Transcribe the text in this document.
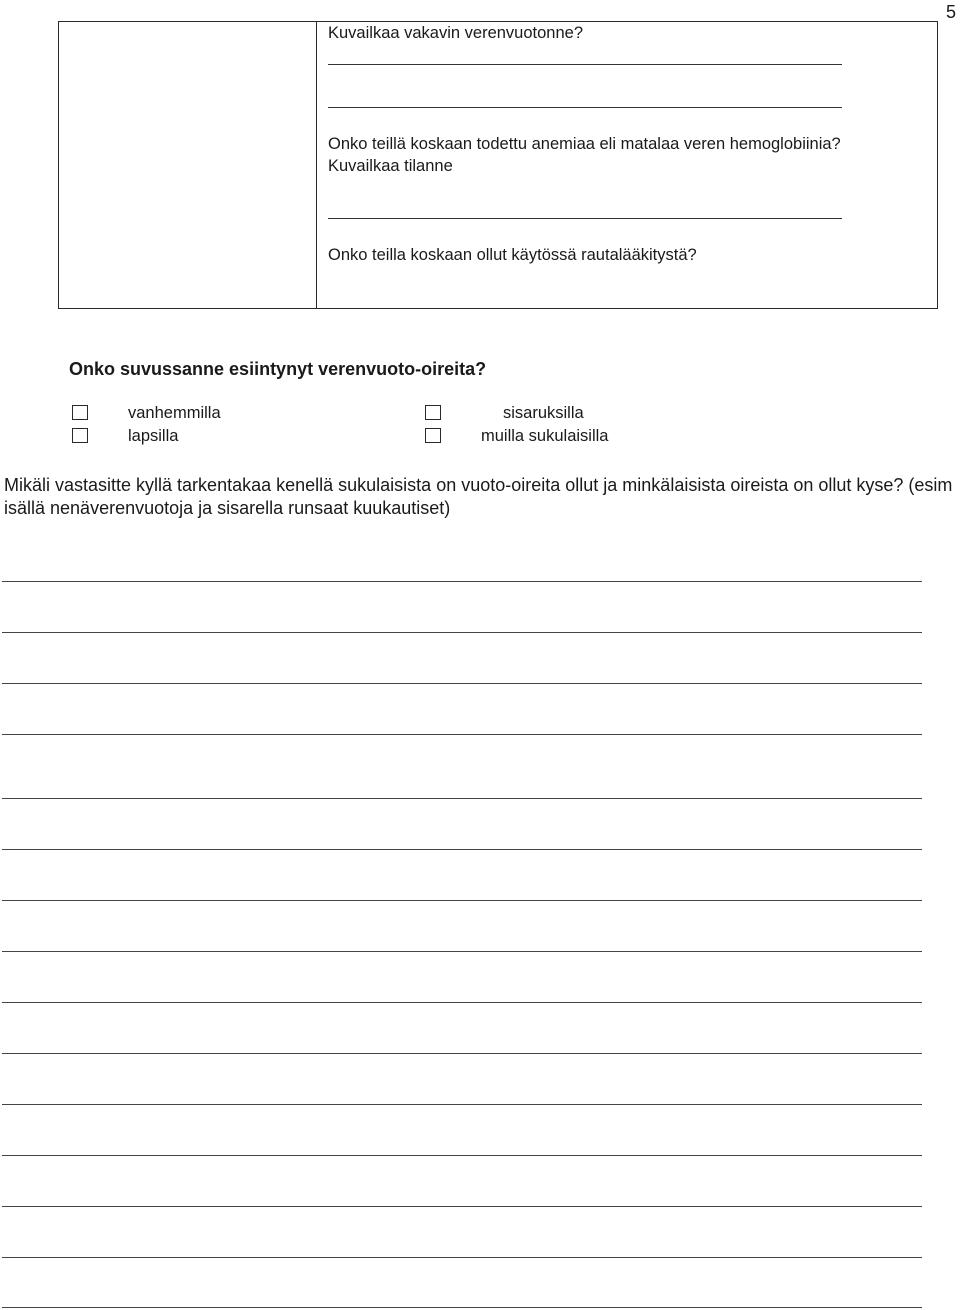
5
Kuvailkaa vakavin verenvuotonne?
Onko teillä koskaan todettu anemiaa eli matalaa veren hemoglobiinia?
Kuvailkaa tilanne
Onko teilla koskaan ollut käytössä rautalääkitystä?
Onko suvussanne esiintynyt verenvuoto-oireita?
vanhemmilla	sisaruksilla
lapsilla	muilla sukulaisilla
Mikäli vastasitte kyllä tarkentakaa kenellä sukulaisista on vuoto-oireita ollut ja minkälaisista oireista on ollut kyse? (esim isällä nenäverenvuotoja ja sisarella runsaat kuukautiset)
